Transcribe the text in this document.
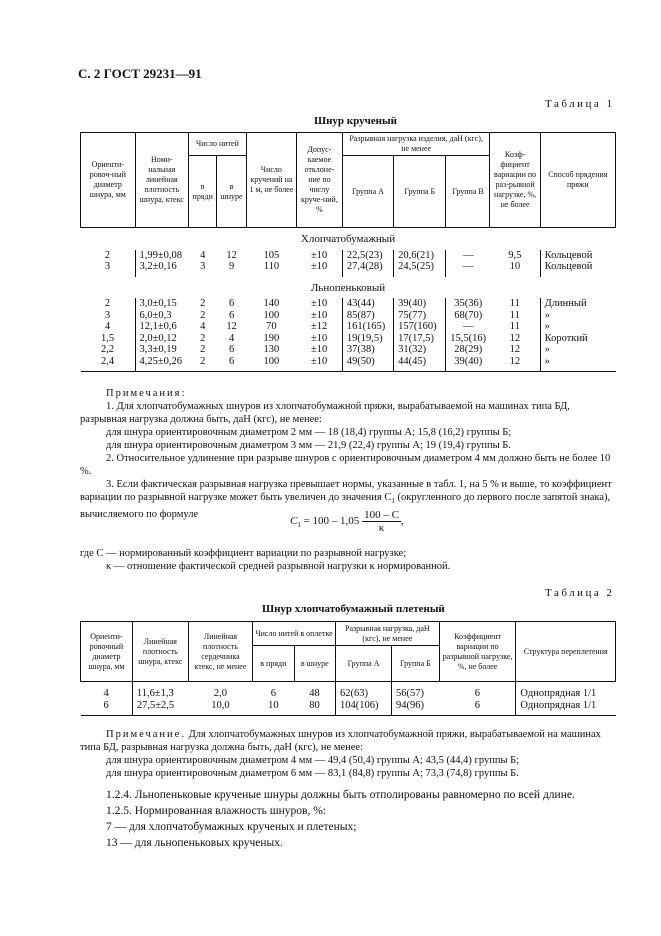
С. 2 ГОСТ 29231—91
Таблица 1
Шнур крученый
Ориенти-ровоч-ный диаметр шнура, мм	Номи-нальная линейная плотность шнура, ктекс	Число нитей		Число кручений на 1 м, не более	Допус-каемое отклоне-ние по числу круче-ний, %	Разрывная нагрузка изделия, даН (кгс), не менее			Коэф-фициент вариации по раз-рывной нагрузке, %, не более	Способ прядения пряжи
		в пряди	в шнуре			Группа А	Группа Б	Группа В		
Хлопчатобумажный										
2	1,99±0,08	4	12	105	±10	22,5(23)	20,6(21)	—	9,5	Кольцевой
3	3,2±0,16	3	9	110	±10	27,4(28)	24,5(25)	—	10	Кольцевой
Льнопеньковый										
2	3,0±0,15	2	6	140	±10	43(44)	39(40)	35(36)	11	Длинный
3	6,0±0,3	2	6	100	±10	85(87)	75(77)	68(70)	11	»
4	12,1±0,6	4	12	70	±12	161(165)	157(160)	—	11	»
1,5	2,0±0,12	2	4	190	±10	19(19,5)	17(17,5)	15,5(16)	12	Короткий
2,2	3,3±0,19	2	6	130	±10	37(38)	31(32)	28(29)	12	»
2,4	4,25±0,26	2	6	100	±10	49(50)	44(45)	39(40)	12	»
Примечания:
1. Для хлопчатобумажных шнуров из хлопчатобумажной пряжи, вырабатываемой на машинах типа БД, разрывная нагрузка должна быть, даН (кгс), не менее:
для шнура ориентировочным диаметром 2 мм — 18 (18,4) группы А; 15,8 (16,2) группы Б;
для шнура ориентировочным диаметром 3 мм — 21,9 (22,4) группы А; 19 (19,4) группы Б.
2. Относительное удлинение при разрыве шнуров с ориентировочным диаметром 4 мм должно быть не более 10 %.
3. Если фактическая разрывная нагрузка превышает нормы, указанные в табл. 1, на 5 % и выше, то коэффициент вариации по разрывной нагрузке может быть увеличен до значения $С_1$ (округленного до первого после запятой знака), вычисляемого по формуле
$C_1 = 100 - 1,05 \frac{100 - C}{\kappa}$ ,
где С — нормированный коэффициент вариации по разрывной нагрузке;
κ — отношение фактической средней разрывной нагрузки к нормированной.
Таблица 2
Шнур хлопчатобумажный плетеный
Ориенти-ровочный диаметр шнура, мм	Линейная плотность шнура, ктекс	Линейная плотность сердечника ктекс, не менее	Число нитей в оплетке		Разрывная нагрузка, даН (кгс), не менее		Коэффициент вариации по разрывной нагрузке, %, не более	Структура переплетения
			в пряди	в шнуре	Группа А	Группа Б		
4	11,6±1,3	2,0	6	48	62(63)	56(57)	6	Однопрядная 1/1
6	27,5±2,5	10,0	10	80	104(106)	94(96)	6	Однопрядная 1/1
Примечание. Для хлопчатобумажных шнуров из хлопчатобумажной пряжи, вырабатываемой на машинах типа БД, разрывная нагрузка должна быть, даН (кгс), не менее:
для шнура ориентировочным диаметром 4 мм — 49,4 (50,4) группы А; 43,5 (44,4) группы Б;
для шнура ориентировочным диаметром 6 мм — 83,1 (84,8) группы А; 73,3 (74,8) группы Б.
1.2.4. Льнопеньковые крученые шнуры должны быть отполированы равномерно по всей длине.
1.2.5. Нормированная влажность шнуров, %:
7 — для хлопчатобумажных крученых и плетеных;
13 — для льнопеньковых крученых.
